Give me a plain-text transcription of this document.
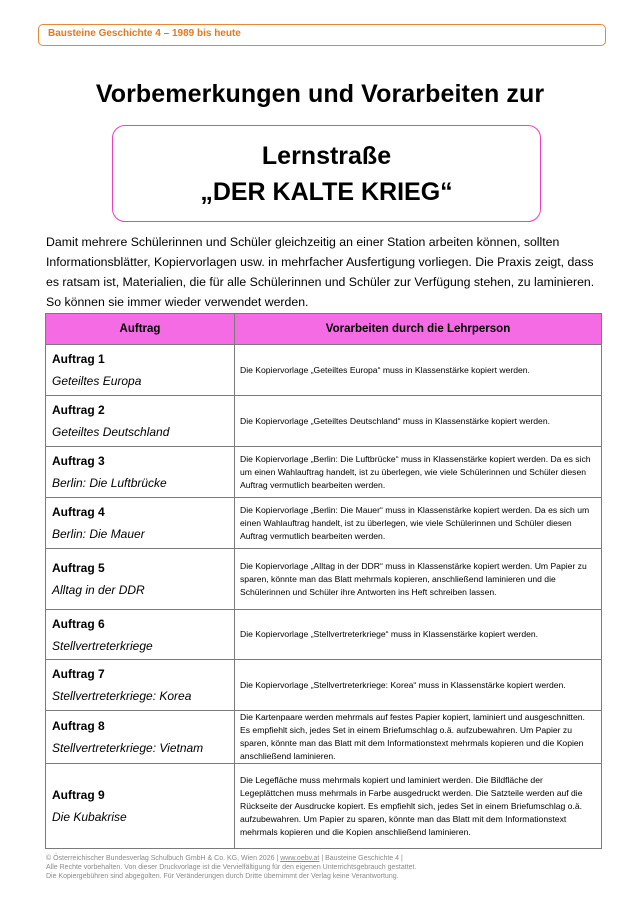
Bausteine Geschichte 4 – 1989 bis heute
Vorbemerkungen und Vorarbeiten zur
Lernstraße
„DER KALTE KRIEG“

Damit mehrere Schülerinnen und Schüler gleichzeitig an einer Station arbeiten können, sollten Informationsblätter, Kopiervorlagen usw. in mehrfacher Ausfertigung vorliegen. Die Praxis zeigt, dass es ratsam ist, Materialien, die für alle Schülerinnen und Schüler zur Verfügung stehen, zu laminieren. So können sie immer wieder verwendet werden.

Auftrag	Vorarbeiten durch die Lehrperson

Auftrag 1
Geteiltes Europa	Die Kopiervorlage „Geteiltes Europa“ muss in Klassenstärke kopiert werden.

Auftrag 2
Geteiltes Deutschland	Die Kopiervorlage „Geteiltes Deutschland“ muss in Klassenstärke kopiert werden.

Auftrag 3
Berlin: Die Luftbrücke	Die Kopiervorlage „Berlin: Die Luftbrücke“ muss in Klassenstärke kopiert werden. Da es sich um einen Wahlauftrag handelt, ist zu überlegen, wie viele Schülerinnen und Schüler diesen Auftrag vermutlich bearbeiten werden.

Auftrag 4
Berlin: Die Mauer	Die Kopiervorlage „Berlin: Die Mauer“ muss in Klassenstärke kopiert werden. Da es sich um einen Wahlauftrag handelt, ist zu überlegen, wie viele Schülerinnen und Schüler diesen Auftrag vermutlich bearbeiten werden.

Auftrag 5
Alltag in der DDR	Die Kopiervorlage „Alltag in der DDR“ muss in Klassenstärke kopiert werden. Um Papier zu sparen, könnte man das Blatt mehrmals kopieren, anschließend laminieren und die Schülerinnen und Schüler ihre Antworten ins Heft schreiben lassen.

Auftrag 6
Stellvertreterkriege	Die Kopiervorlage „Stellvertreterkriege“ muss in Klassenstärke kopiert werden.

Auftrag 7
Stellvertreterkriege: Korea	Die Kopiervorlage „Stellvertreterkriege: Korea“ muss in Klassenstärke kopiert werden.

Auftrag 8
Stellvertreterkriege: Vietnam	Die Kartenpaare werden mehrmals auf festes Papier kopiert, laminiert und ausgeschnitten. Es empfiehlt sich, jedes Set in einem Briefumschlag o.ä. aufzubewahren. Um Papier zu sparen, könnte man das Blatt mit dem Informationstext mehrmals kopieren und die Kopien anschließend laminieren.

Auftrag 9
Die Kubakrise	Die Legefläche muss mehrmals kopiert und laminiert werden. Die Bildfläche der Legeplättchen muss mehrmals in Farbe ausgedruckt werden. Die Satzteile werden auf die Rückseite der Ausdrucke kopiert. Es empfiehlt sich, jedes Set in einem Briefumschlag o.ä. aufzubewahren. Um Papier zu sparen, könnte man das Blatt mit dem Informationstext mehrmals kopieren und die Kopien anschließend laminieren.
© Österreichischer Bundesverlag Schulbuch GmbH & Co. KG, Wien 2026 | www.oebv.at | Bausteine Geschichte 4 |
Alle Rechte vorbehalten. Von dieser Druckvorlage ist die Vervielfältigung für den eigenen Unterrichtsgebrauch gestattet.
Die Kopiergebühren sind abgegolten. Für Veränderungen durch Dritte übernimmt der Verlag keine Verantwortung.
